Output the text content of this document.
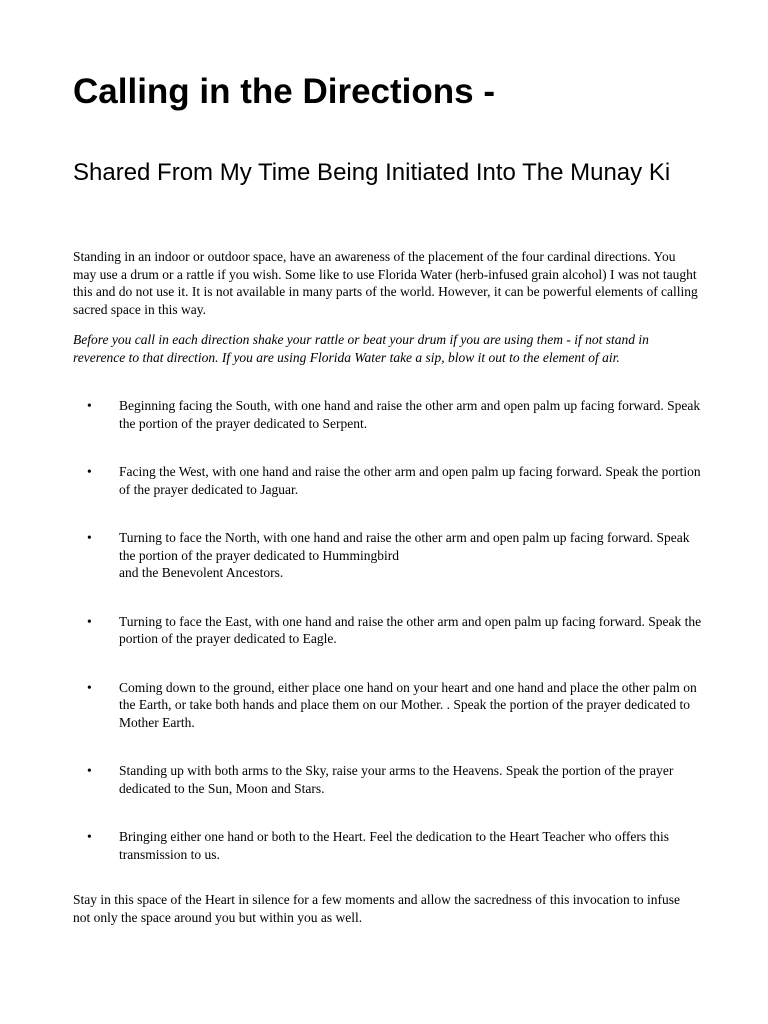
Calling in the Directions -
Shared From My Time Being Initiated Into The Munay Ki

Standing in an indoor or outdoor space, have an awareness of the placement of the four cardinal directions. You may use a drum or a rattle if you wish. Some like to use Florida Water (herb-infused grain alcohol) I was not taught this and do not use it. It is not available in many parts of the world. However, it can be powerful elements of calling sacred space in this way.

Before you call in each direction shake your rattle or beat your drum if you are using them - if not stand in reverence to that direction. If you are using Florida Water take a sip, blow it out to the element of air.

• Beginning facing the South, with one hand and raise the other arm and open palm up facing forward. Speak the portion of the prayer dedicated to Serpent.

• Facing the West, with one hand and raise the other arm and open palm up facing forward. Speak the portion of the prayer dedicated to Jaguar.

• Turning to face the North, with one hand and raise the other arm and open palm up facing forward. Speak the portion of the prayer dedicated to Hummingbird

and the Benevolent Ancestors.

• Turning to face the East, with one hand and raise the other arm and open palm up facing forward. Speak the portion of the prayer dedicated to Eagle.

• Coming down to the ground, either place one hand on your heart and one hand and place the other palm on the Earth, or take both hands and place them on our Mother. . Speak the portion of the prayer dedicated to Mother Earth.

• Standing up with both arms to the Sky, raise your arms to the Heavens. Speak the portion of the prayer dedicated to the Sun, Moon and Stars.

• Bringing either one hand or both to the Heart. Feel the dedication to the Heart Teacher who offers this transmission to us.

Stay in this space of the Heart in silence for a few moments and allow the sacredness of this invocation to infuse not only the space around you but within you as well.
